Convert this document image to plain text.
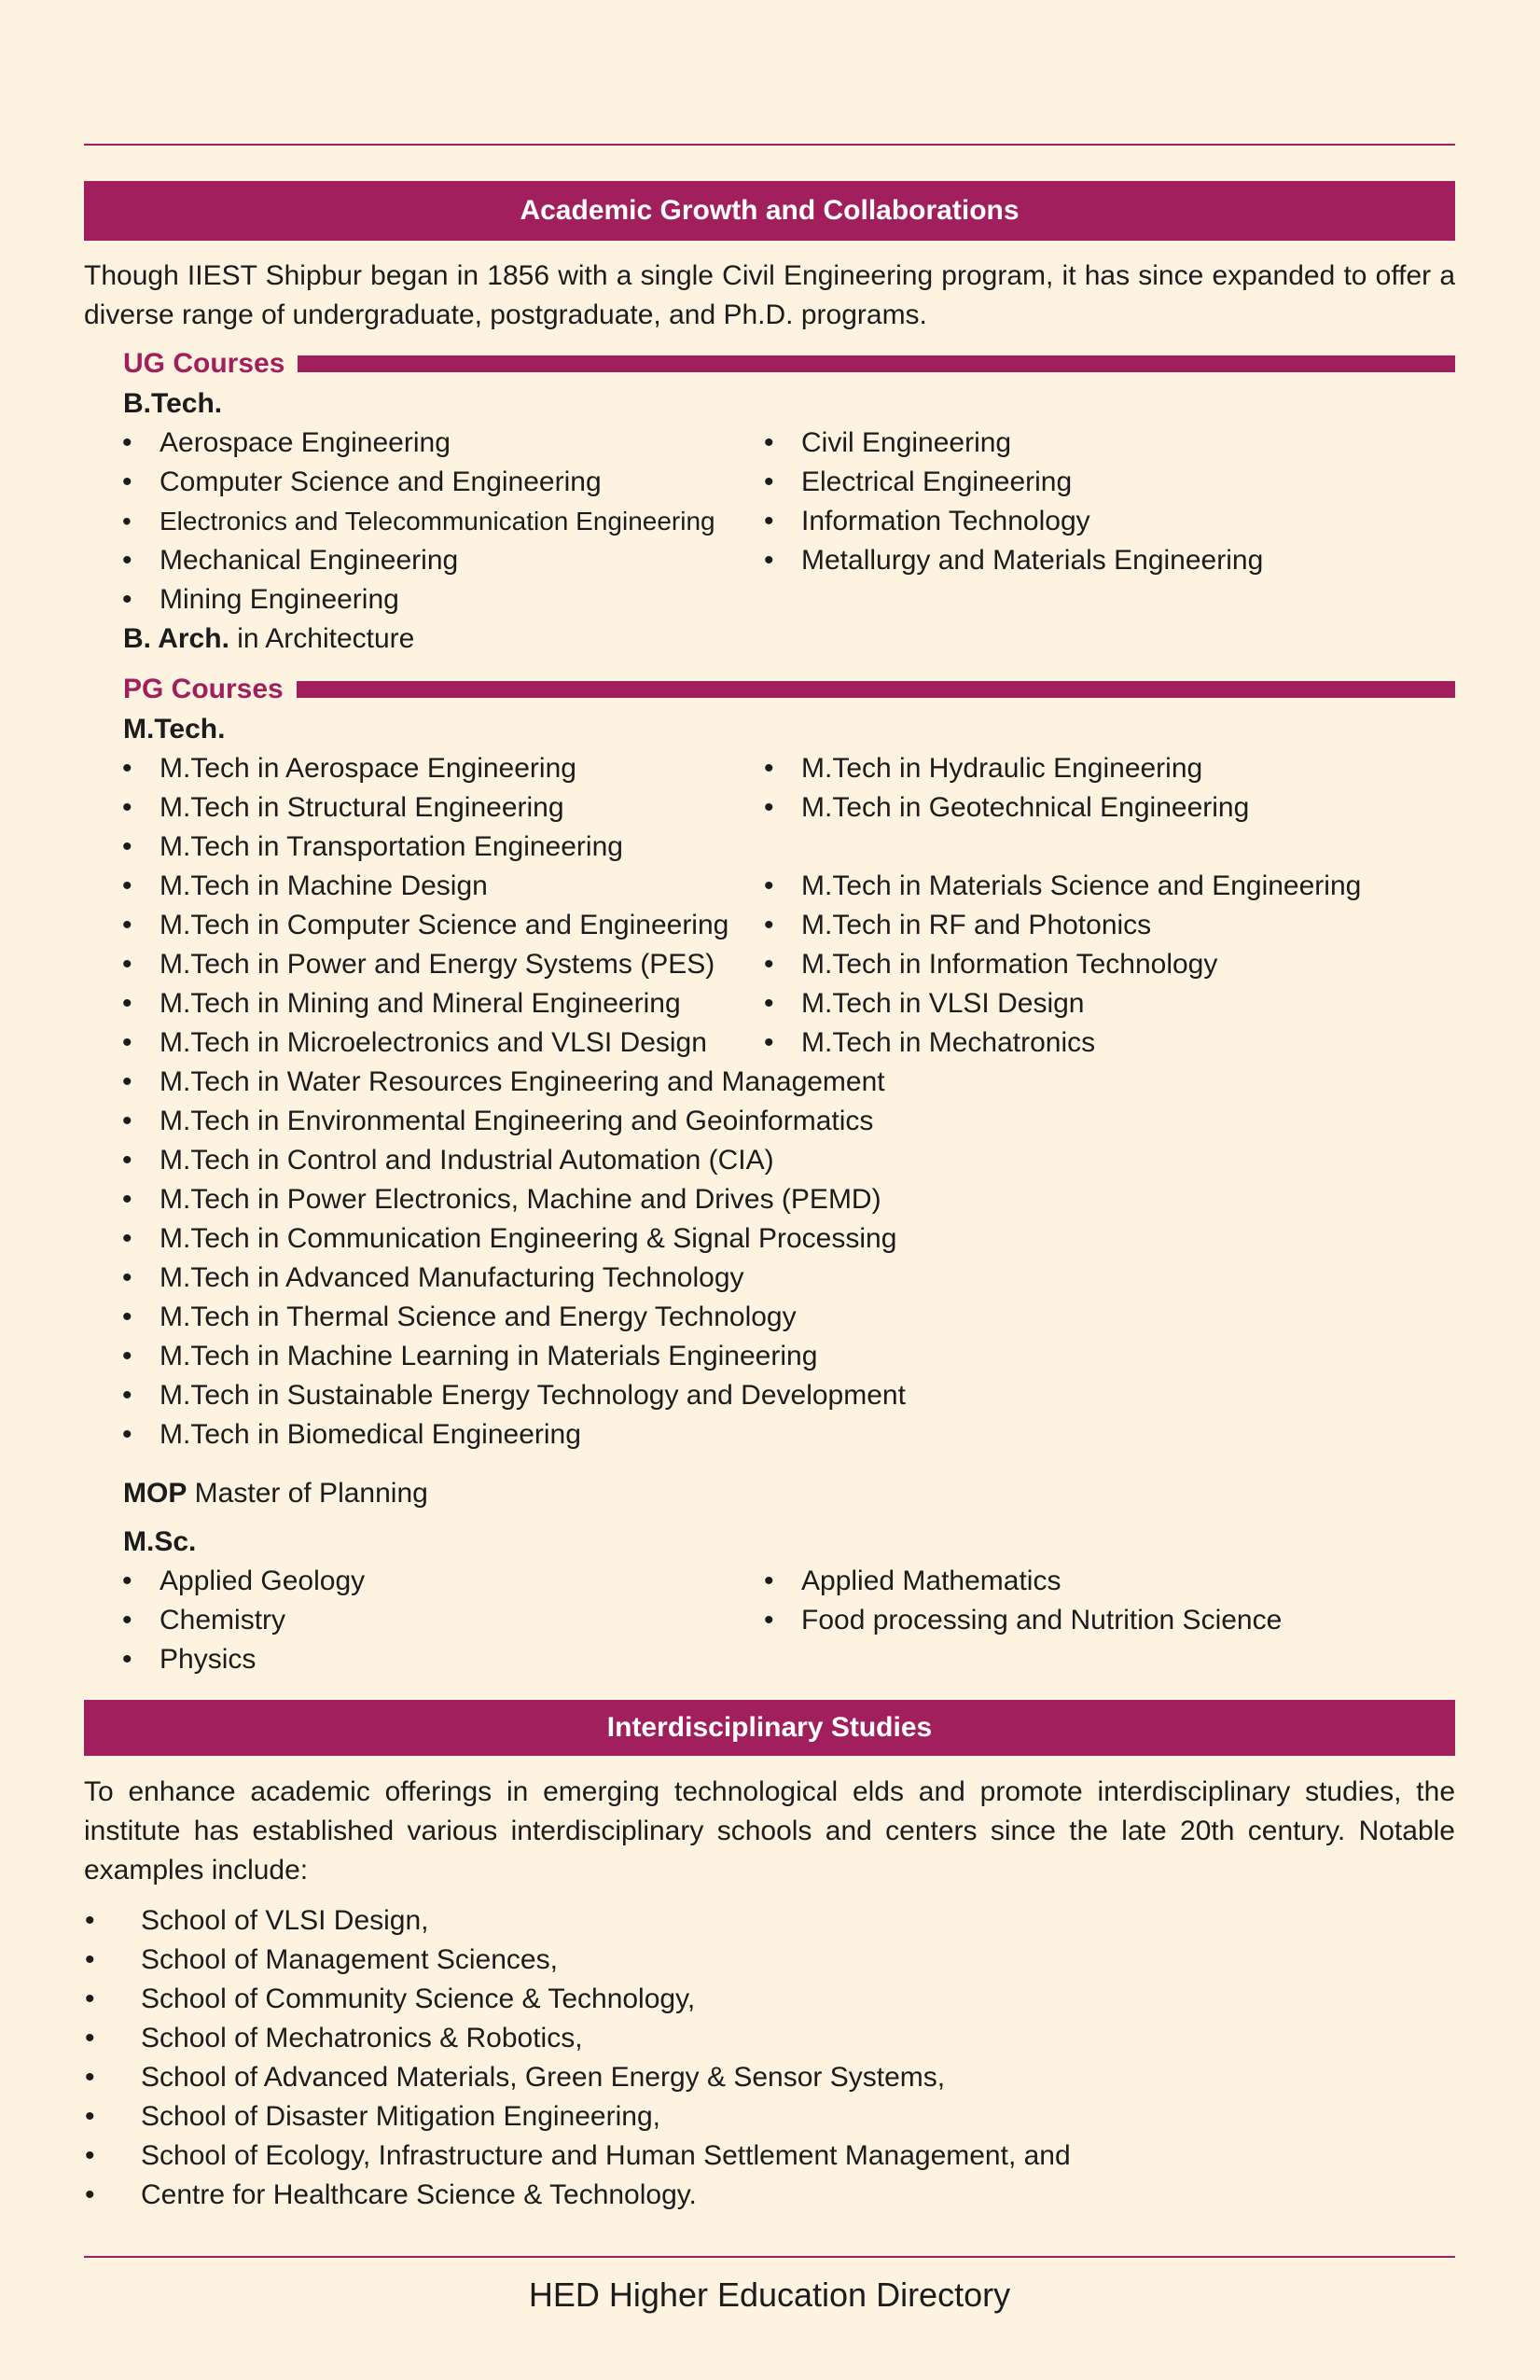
Academic Growth and Collaborations
Though IIEST Shipbur began in 1856 with a single Civil Engineering program, it has since expanded to offer a diverse range of undergraduate, postgraduate, and Ph.D. programs.
UG Courses
B.Tech.
• Aerospace Engineering
• Computer Science and Engineering
• Electronics and Telecommunication Engineering
• Mechanical Engineering
• Mining Engineering
• Civil Engineering
• Electrical Engineering
• Information Technology
• Metallurgy and Materials Engineering
B. Arch. in Architecture
PG Courses
M.Tech.
• M.Tech in Aerospace Engineering
• M.Tech in Structural Engineering
• M.Tech in Transportation Engineering
• M.Tech in Machine Design
• M.Tech in Computer Science and Engineering
• M.Tech in Power and Energy Systems (PES)
• M.Tech in Mining and Mineral Engineering
• M.Tech in Microelectronics and VLSI Design
• M.Tech in Water Resources Engineering and Management
• M.Tech in Environmental Engineering and Geoinformatics
• M.Tech in Control and Industrial Automation (CIA)
• M.Tech in Power Electronics, Machine and Drives (PEMD)
• M.Tech in Communication Engineering & Signal Processing
• M.Tech in Advanced Manufacturing Technology
• M.Tech in Thermal Science and Energy Technology
• M.Tech in Machine Learning in Materials Engineering
• M.Tech in Sustainable Energy Technology and Development
• M.Tech in Biomedical Engineering
• M.Tech in Hydraulic Engineering
• M.Tech in Geotechnical Engineering
• M.Tech in Materials Science and Engineering
• M.Tech in RF and Photonics
• M.Tech in Information Technology
• M.Tech in VLSI Design
• M.Tech in Mechatronics
MOP Master of Planning
M.Sc.
• Applied Geology
• Chemistry
• Physics
• Applied Mathematics
• Food processing and Nutrition Science
Interdisciplinary Studies
To enhance academic offerings in emerging technological elds and promote interdisciplinary studies, the institute has established various interdisciplinary schools and centers since the late 20th century. Notable examples include:
• School of VLSI Design,
• School of Management Sciences,
• School of Community Science & Technology,
• School of Mechatronics & Robotics,
• School of Advanced Materials, Green Energy & Sensor Systems,
• School of Disaster Mitigation Engineering,
• School of Ecology, Infrastructure and Human Settlement Management, and
• Centre for Healthcare Science & Technology.
HED Higher Education Directory
